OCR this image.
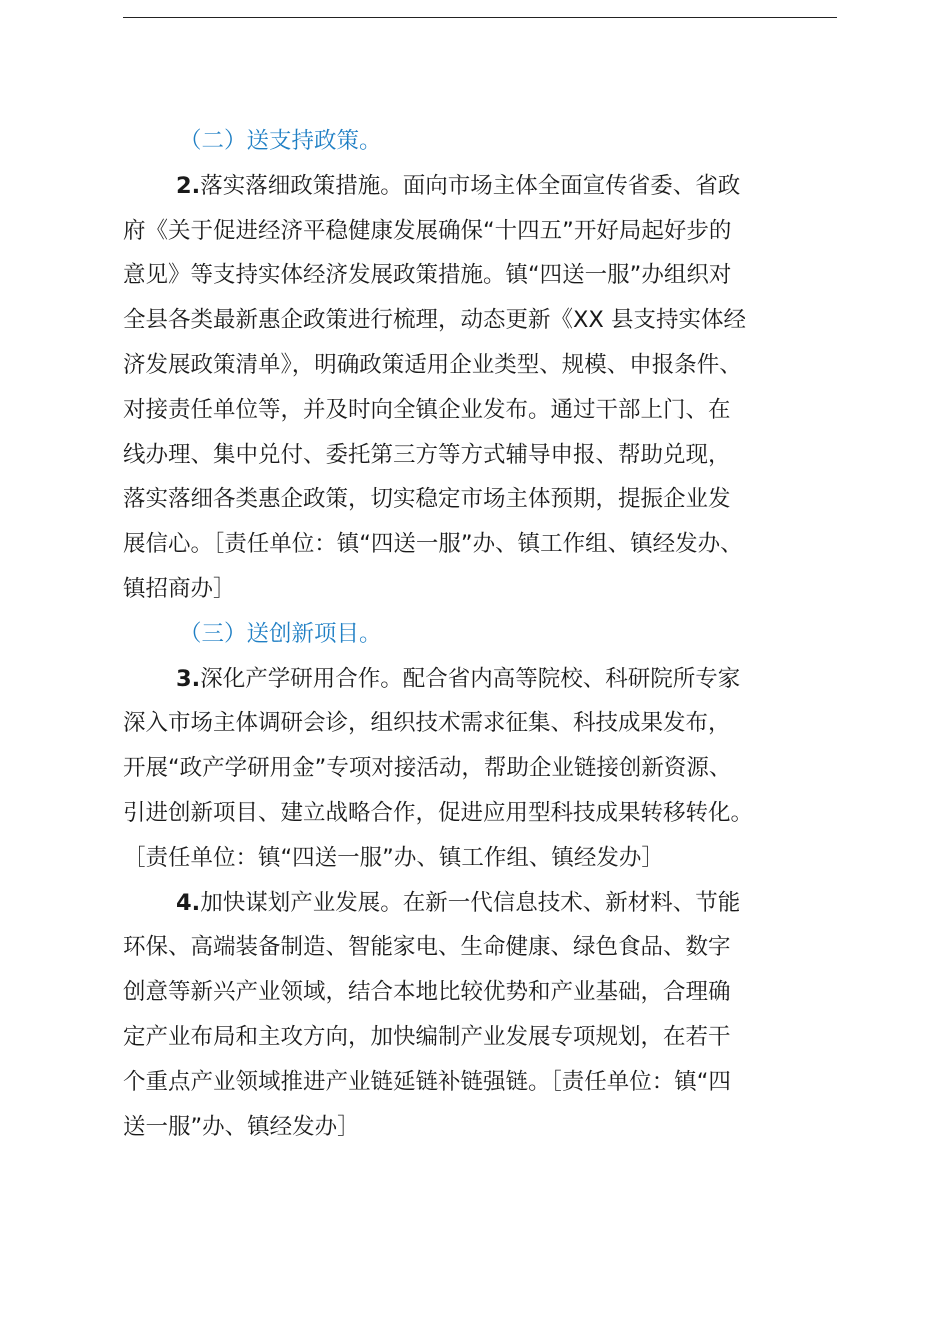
（二）送支持政策。
2.落实落细政策措施。面向市场主体全面宣传省委、省政
府《关于促进经济平稳健康发展确保“十四五”开好局起好步的
意见》等支持实体经济发展政策措施。镇“四送一服”办组织对
全县各类最新惠企政策进行梳理，动态更新《XX 县支持实体经
济发展政策清单》，明确政策适用企业类型、规模、申报条件、
对接责任单位等，并及时向全镇企业发布。通过干部上门、在
线办理、集中兑付、委托第三方等方式辅导申报、帮助兑现，
落实落细各类惠企政策，切实稳定市场主体预期，提振企业发
展信心。［责任单位：镇“四送一服”办、镇工作组、镇经发办、
镇招商办］
（三）送创新项目。
3.深化产学研用合作。配合省内高等院校、科研院所专家
深入市场主体调研会诊，组织技术需求征集、科技成果发布，
开展“政产学研用金”专项对接活动，帮助企业链接创新资源、
引进创新项目、建立战略合作，促进应用型科技成果转移转化。
［责任单位：镇“四送一服”办、镇工作组、镇经发办］
4.加快谋划产业发展。在新一代信息技术、新材料、节能
环保、高端装备制造、智能家电、生命健康、绿色食品、数字
创意等新兴产业领域，结合本地比较优势和产业基础，合理确
定产业布局和主攻方向，加快编制产业发展专项规划，在若干
个重点产业领域推进产业链延链补链强链。［责任单位：镇“四
送一服”办、镇经发办］
